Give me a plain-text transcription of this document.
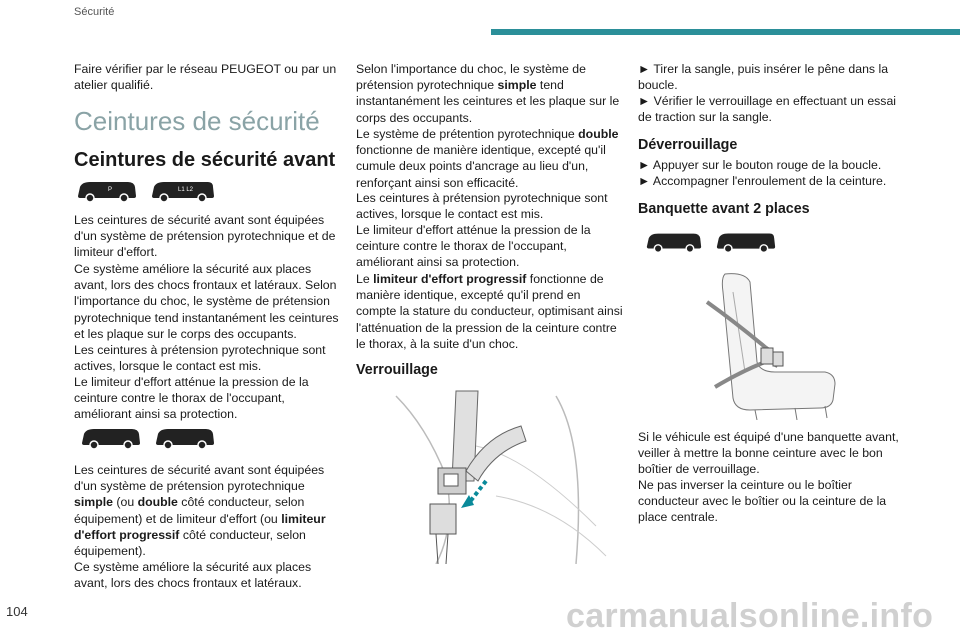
Sécurité

Faire vérifier par le réseau PEUGEOT ou par un atelier qualifié.

Ceintures de sécurité
Ceintures de sécurité avant
P
	L1 L2

Les ceintures de sécurité avant sont équipées d'un système de prétension pyrotechnique et de limiteur d'effort.

Ce système améliore la sécurité aux places avant, lors des chocs frontaux et latéraux. Selon l'importance du choc, le système de prétension pyrotechnique tend instantanément les ceintures et les plaque sur le corps des occupants.

Les ceintures à prétension pyrotechnique sont actives, lorsque le contact est mis.

Le limiteur d'effort atténue la pression de la ceinture contre le thorax de l'occupant, améliorant ainsi sa protection.

Les ceintures de sécurité avant sont équipées d'un système de prétension pyrotechnique simple (ou double côté conducteur, selon équipement) et de limiteur d'effort (ou limiteur d'effort progressif côté conducteur, selon équipement).

Ce système améliore la sécurité aux places avant, lors des chocs frontaux et latéraux.

Selon l'importance du choc, le système de prétension pyrotechnique simple tend instantanément les ceintures et les plaque sur le corps des occupants.

Le système de prétention pyrotechnique double fonctionne de manière identique, excepté qu'il cumule deux points d'ancrage au lieu d'un, renforçant ainsi son efficacité.

Les ceintures à prétension pyrotechnique sont actives, lorsque le contact est mis.

Le limiteur d'effort atténue la pression de la ceinture contre le thorax de l'occupant, améliorant ainsi sa protection.

Le limiteur d'effort progressif fonctionne de manière identique, excepté qu'il prend en compte la stature du conducteur, optimisant ainsi l'atténuation de la pression de la ceinture contre le thorax, à la suite d'un choc.

Verrouillage

► Tirer la sangle, puis insérer le pêne dans la boucle.

► Vérifier le verrouillage en effectuant un essai de traction sur la sangle.

Déverrouillage

► Appuyer sur le bouton rouge de la boucle.

► Accompagner l'enroulement de la ceinture.

Banquette avant 2 places

Si le véhicule est équipé d'une banquette avant, veiller à mettre la bonne ceinture avec le bon boîtier de verrouillage.

Ne pas inverser la ceinture ou le boîtier conducteur avec le boîtier ou la ceinture de la place centrale.

104	carmanualsonline.info
